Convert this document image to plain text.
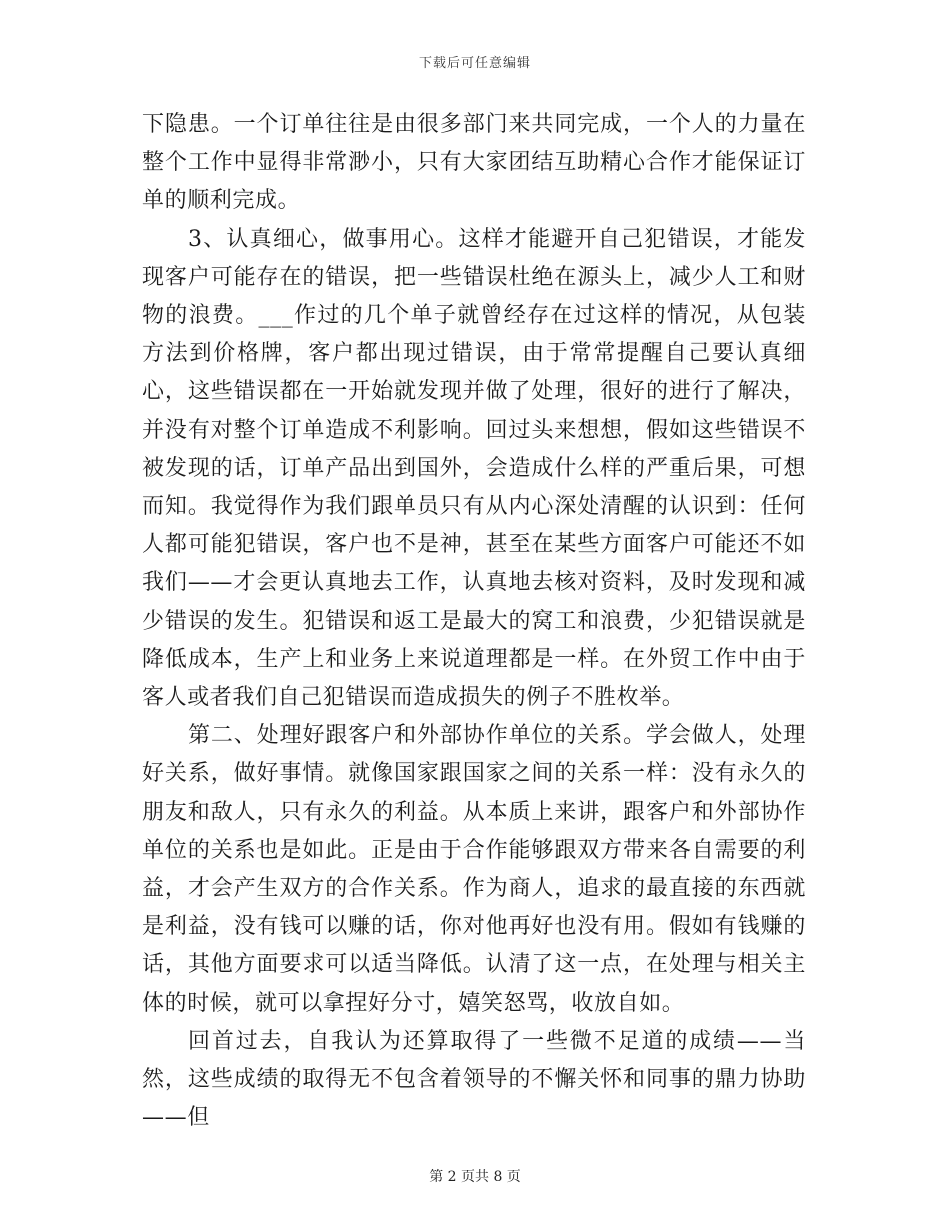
下载后可任意编辑

下隐患。一个订单往往是由很多部门来共同完成，一个人的力量在整个工作中显得非常渺小，只有大家团结互助精心合作才能保证订单的顺利完成。

3、认真细心，做事用心。这样才能避开自己犯错误，才能发现客户可能存在的错误，把一些错误杜绝在源头上，减少人工和财物的浪费。___作过的几个单子就曾经存在过这样的情况，从包装方法到价格牌，客户都出现过错误，由于常常提醒自己要认真细心，这些错误都在一开始就发现并做了处理，很好的进行了解决，并没有对整个订单造成不利影响。回过头来想想，假如这些错误不被发现的话，订单产品出到国外，会造成什么样的严重后果，可想而知。我觉得作为我们跟单员只有从内心深处清醒的认识到：任何人都可能犯错误，客户也不是神，甚至在某些方面客户可能还不如我们——才会更认真地去工作，认真地去核对资料，及时发现和减少错误的发生。犯错误和返工是最大的窝工和浪费，少犯错误就是降低成本，生产上和业务上来说道理都是一样。在外贸工作中由于客人或者我们自己犯错误而造成损失的例子不胜枚举。

第二、处理好跟客户和外部协作单位的关系。学会做人，处理好关系，做好事情。就像国家跟国家之间的关系一样：没有永久的朋友和敌人，只有永久的利益。从本质上来讲，跟客户和外部协作单位的关系也是如此。正是由于合作能够跟双方带来各自需要的利益，才会产生双方的合作关系。作为商人，追求的最直接的东西就是利益，没有钱可以赚的话，你对他再好也没有用。假如有钱赚的话，其他方面要求可以适当降低。认清了这一点，在处理与相关主体的时候，就可以拿捏好分寸，嬉笑怒骂，收放自如。

回首过去，自我认为还算取得了一些微不足道的成绩——当然，这些成绩的取得无不包含着领导的不懈关怀和同事的鼎力协助——但

第 2 页共 8 页
